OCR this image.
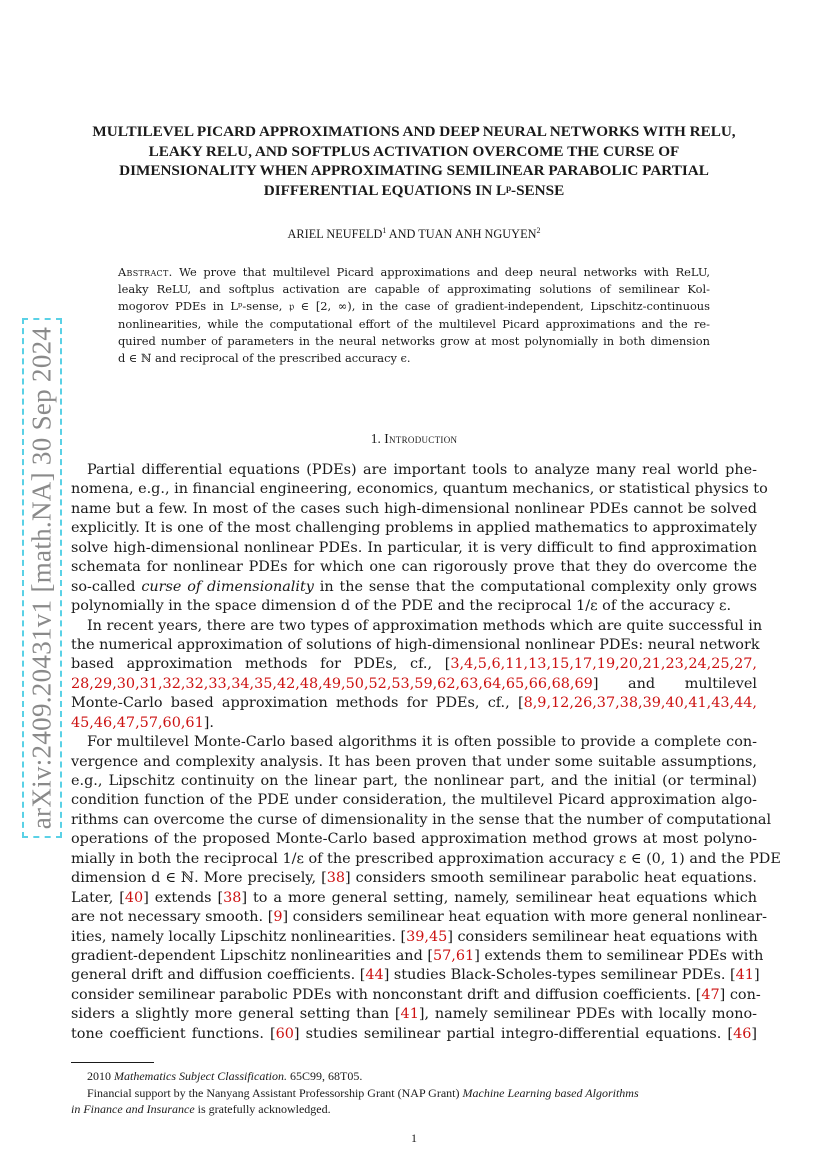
arXiv:2409.20431v1 [math.NA] 30 Sep 2024
MULTILEVEL PICARD APPROXIMATIONS AND DEEP NEURAL NETWORKS WITH RELU,
LEAKY RELU, AND SOFTPLUS ACTIVATION OVERCOME THE CURSE OF
DIMENSIONALITY WHEN APPROXIMATING SEMILINEAR PARABOLIC PARTIAL
DIFFERENTIAL EQUATIONS IN Lᵖ-SENSE
ARIEL NEUFELD$^1$ AND TUAN ANH NGUYEN$^2$
Abstract. We prove that multilevel Picard approximations and deep neural networks with ReLU,
leaky ReLU, and softplus activation are capable of approximating solutions of semilinear Kol-
mogorov PDEs in Lᵖ-sense, 𝔭 ∈ [2, ∞), in the case of gradient-independent, Lipschitz-continuous
nonlinearities, while the computational effort of the multilevel Picard approximations and the re-
quired number of parameters in the neural networks grow at most polynomially in both dimension
d ∈ ℕ and reciprocal of the prescribed accuracy ϵ.
1. Introduction
Partial differential equations (PDEs) are important tools to analyze many real world phe-
nomena, e.g., in financial engineering, economics, quantum mechanics, or statistical physics to
name but a few. In most of the cases such high-dimensional nonlinear PDEs cannot be solved
explicitly. It is one of the most challenging problems in applied mathematics to approximately
solve high-dimensional nonlinear PDEs. In particular, it is very difficult to find approximation
schemata for nonlinear PDEs for which one can rigorously prove that they do overcome the
so-called curse of dimensionality in the sense that the computational complexity only grows
polynomially in the space dimension d of the PDE and the reciprocal 1/ε of the accuracy ε.
In recent years, there are two types of approximation methods which are quite successful in
the numerical approximation of solutions of high-dimensional nonlinear PDEs: neural network
based approximation methods for PDEs, cf., [3,4,5,6,11,13,15,17,19,20,21,23,24,25,27,
28,29,30,31,32,32,33,34,35,42,48,49,50,52,53,59,62,63,64,65,66,68,69] and multilevel
Monte-Carlo based approximation methods for PDEs, cf., [8,9,12,26,37,38,39,40,41,43,44,
45,46,47,57,60,61].
For multilevel Monte-Carlo based algorithms it is often possible to provide a complete con-
vergence and complexity analysis. It has been proven that under some suitable assumptions,
e.g., Lipschitz continuity on the linear part, the nonlinear part, and the initial (or terminal)
condition function of the PDE under consideration, the multilevel Picard approximation algo-
rithms can overcome the curse of dimensionality in the sense that the number of computational
operations of the proposed Monte-Carlo based approximation method grows at most polyno-
mially in both the reciprocal 1/ε of the prescribed approximation accuracy ε ∈ (0, 1) and the PDE
dimension d ∈ ℕ. More precisely, [38] considers smooth semilinear parabolic heat equations.
Later, [40] extends [38] to a more general setting, namely, semilinear heat equations which
are not necessary smooth. [9] considers semilinear heat equation with more general nonlinear-
ities, namely locally Lipschitz nonlinearities. [39,45] considers semilinear heat equations with
gradient-dependent Lipschitz nonlinearities and [57,61] extends them to semilinear PDEs with
general drift and diffusion coefficients. [44] studies Black-Scholes-types semilinear PDEs. [41]
consider semilinear parabolic PDEs with nonconstant drift and diffusion coefficients. [47] con-
siders a slightly more general setting than [41], namely semilinear PDEs with locally mono-
tone coefficient functions. [60] studies semilinear partial integro-differential equations. [46]
2010 Mathematics Subject Classification. 65C99, 68T05.
Financial support by the Nanyang Assistant Professorship Grant (NAP Grant) Machine Learning based Algorithms
in Finance and Insurance is gratefully acknowledged.
1
